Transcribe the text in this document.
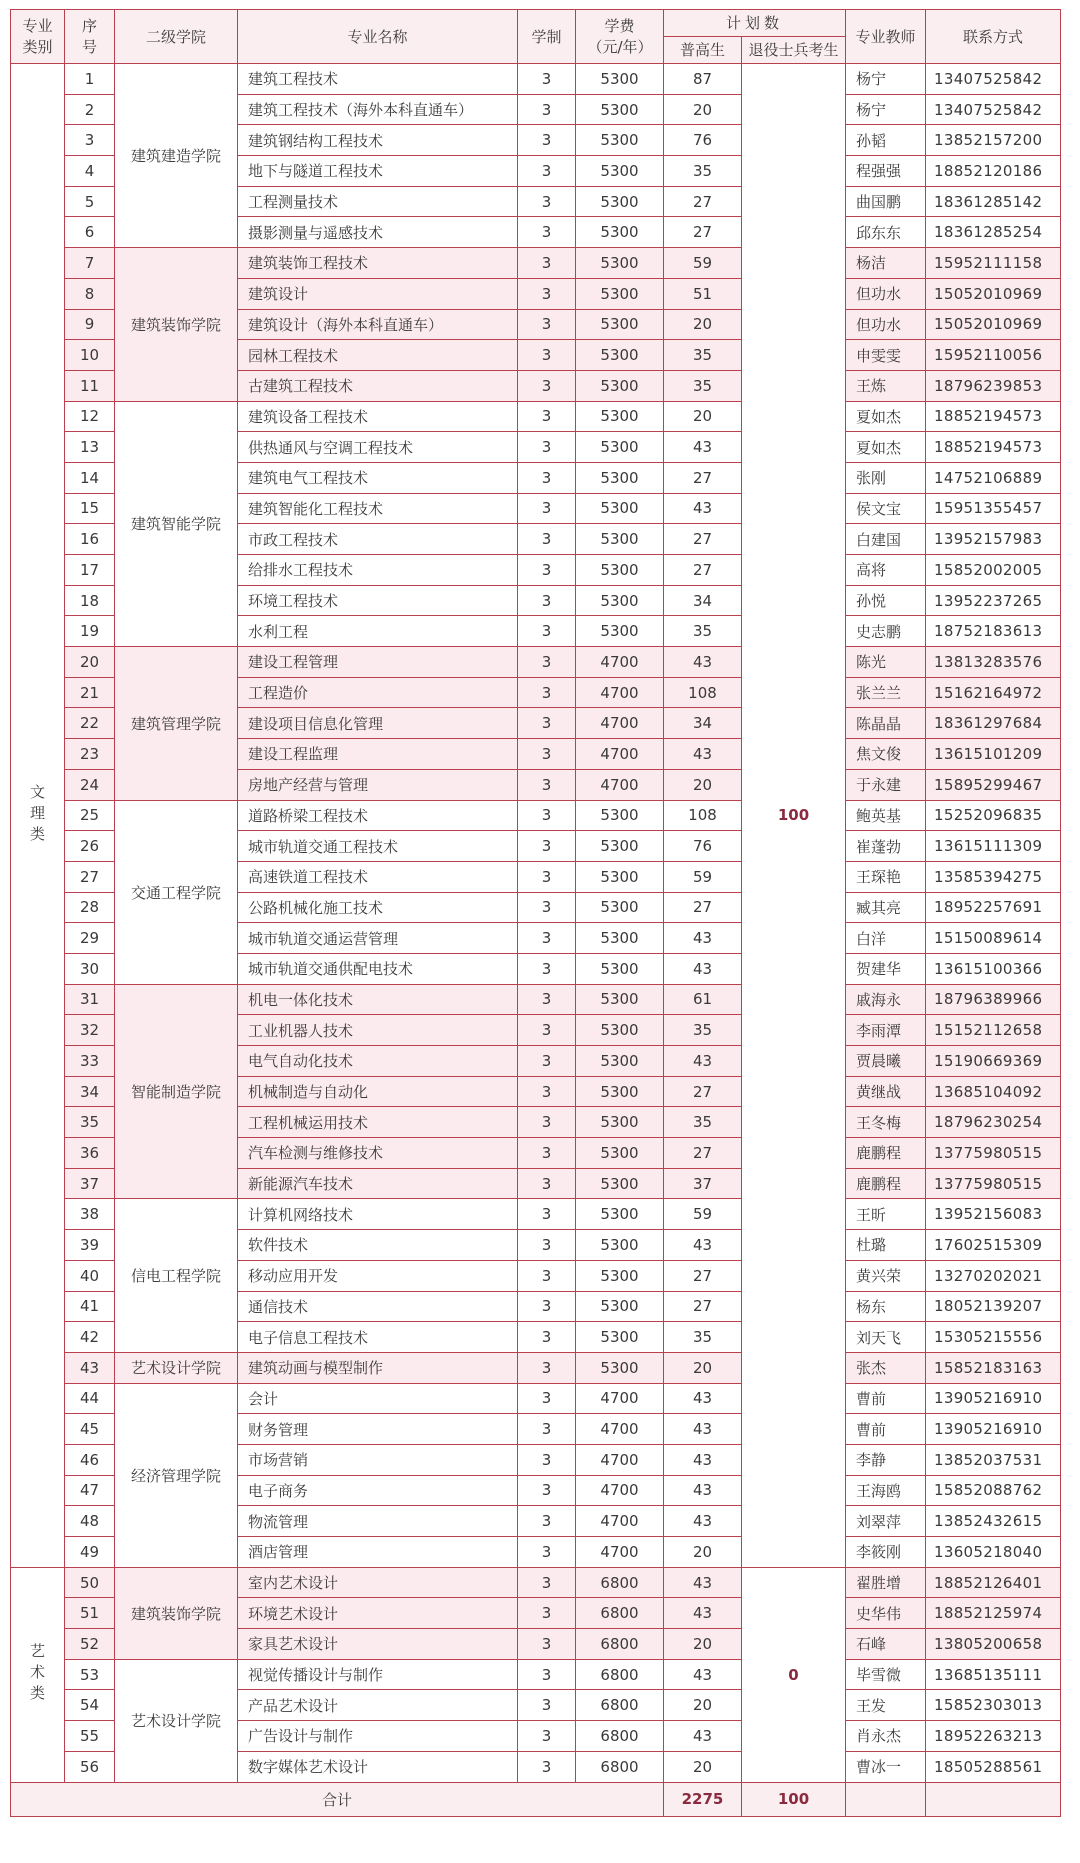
专业类别	序号	二级学院	专业名称	学制	学费（元/年）	计划数		专业教师	联系方式
						普高生	退役士兵考生		
文理类	1	建筑建造学院	建筑工程技术	3	5300	87	100	杨宁	13407525842
	2		建筑工程技术（海外本科直通车）	3	5300	20		杨宁	13407525842
	3		建筑钢结构工程技术	3	5300	76		孙韬	13852157200
	4		地下与隧道工程技术	3	5300	35		程强强	18852120186
	5		工程测量技术	3	5300	27		曲国鹏	18361285142
	6		摄影测量与遥感技术	3	5300	27		邱东东	18361285254
	7	建筑装饰学院	建筑装饰工程技术	3	5300	59		杨洁	15952111158
	8		建筑设计	3	5300	51		但功水	15052010969
	9		建筑设计（海外本科直通车）	3	5300	20		但功水	15052010969
	10		园林工程技术	3	5300	35		申雯雯	15952110056
	11		古建筑工程技术	3	5300	35		王炼	18796239853
	12	建筑智能学院	建筑设备工程技术	3	5300	20		夏如杰	18852194573
	13		供热通风与空调工程技术	3	5300	43		夏如杰	18852194573
	14		建筑电气工程技术	3	5300	27		张刚	14752106889
	15		建筑智能化工程技术	3	5300	43		侯文宝	15951355457
	16		市政工程技术	3	5300	27		白建国	13952157983
	17		给排水工程技术	3	5300	27		高将	15852002005
	18		环境工程技术	3	5300	34		孙悦	13952237265
	19		水利工程	3	5300	35		史志鹏	18752183613
	20	建筑管理学院	建设工程管理	3	4700	43		陈光	13813283576
	21		工程造价	3	4700	108		张兰兰	15162164972
	22		建设项目信息化管理	3	4700	34		陈晶晶	18361297684
	23		建设工程监理	3	4700	43		焦文俊	13615101209
	24		房地产经营与管理	3	4700	20		于永建	15895299467
	25	交通工程学院	道路桥梁工程技术	3	5300	108		鲍英基	15252096835
	26		城市轨道交通工程技术	3	5300	76		崔蓬勃	13615111309
	27		高速铁道工程技术	3	5300	59		王琛艳	13585394275
	28		公路机械化施工技术	3	5300	27		臧其亮	18952257691
	29		城市轨道交通运营管理	3	5300	43		白洋	15150089614
	30		城市轨道交通供配电技术	3	5300	43		贺建华	13615100366
	31	智能制造学院	机电一体化技术	3	5300	61		戚海永	18796389966
	32		工业机器人技术	3	5300	35		李雨潭	15152112658
	33		电气自动化技术	3	5300	43		贾晨曦	15190669369
	34		机械制造与自动化	3	5300	27		黄继战	13685104092
	35		工程机械运用技术	3	5300	35		王冬梅	18796230254
	36		汽车检测与维修技术	3	5300	27		鹿鹏程	13775980515
	37		新能源汽车技术	3	5300	37		鹿鹏程	13775980515
	38	信电工程学院	计算机网络技术	3	5300	59		王昕	13952156083
	39		软件技术	3	5300	43		杜璐	17602515309
	40		移动应用开发	3	5300	27		黄兴荣	13270202021
	41		通信技术	3	5300	27		杨东	18052139207
	42		电子信息工程技术	3	5300	35		刘天飞	15305215556
	43	艺术设计学院	建筑动画与模型制作	3	5300	20		张杰	15852183163
	44	经济管理学院	会计	3	4700	43		曹前	13905216910
	45		财务管理	3	4700	43		曹前	13905216910
	46		市场营销	3	4700	43		李静	13852037531
	47		电子商务	3	4700	43		王海鸥	15852088762
	48		物流管理	3	4700	43		刘翠萍	13852432615
	49		酒店管理	3	4700	20		李筱刚	13605218040
艺术类	50	建筑装饰学院	室内艺术设计	3	6800	43	0	翟胜增	18852126401
	51		环境艺术设计	3	6800	43		史华伟	18852125974
	52		家具艺术设计	3	6800	20		石峰	13805200658
	53	艺术设计学院	视觉传播设计与制作	3	6800	43		毕雪微	13685135111
	54		产品艺术设计	3	6800	20		王发	15852303013
	55		广告设计与制作	3	6800	43		肖永杰	18952263213
	56		数字媒体艺术设计	3	6800	20		曹冰一	18505288561
合计						2275	100		
